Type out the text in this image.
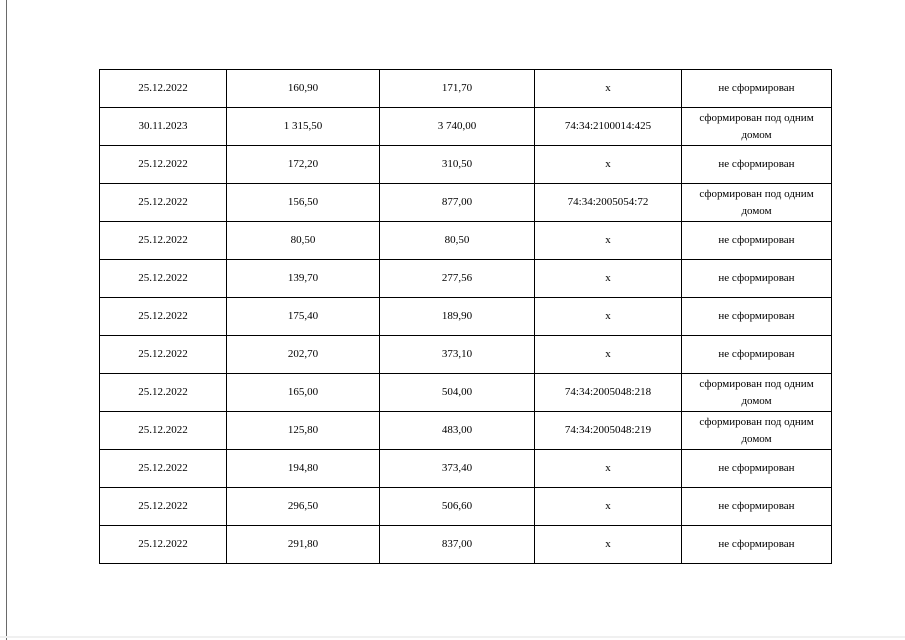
25.12.2022	160,90	171,70	x	не сформирован
30.11.2023	1 315,50	3 740,00	74:34:2100014:425	сформирован под одним домом
25.12.2022	172,20	310,50	x	не сформирован
25.12.2022	156,50	877,00	74:34:2005054:72	сформирован под одним домом
25.12.2022	80,50	80,50	x	не сформирован
25.12.2022	139,70	277,56	x	не сформирован
25.12.2022	175,40	189,90	x	не сформирован
25.12.2022	202,70	373,10	x	не сформирован
25.12.2022	165,00	504,00	74:34:2005048:218	сформирован под одним домом
25.12.2022	125,80	483,00	74:34:2005048:219	сформирован под одним домом
25.12.2022	194,80	373,40	x	не сформирован
25.12.2022	296,50	506,60	x	не сформирован
25.12.2022	291,80	837,00	x	не сформирован
